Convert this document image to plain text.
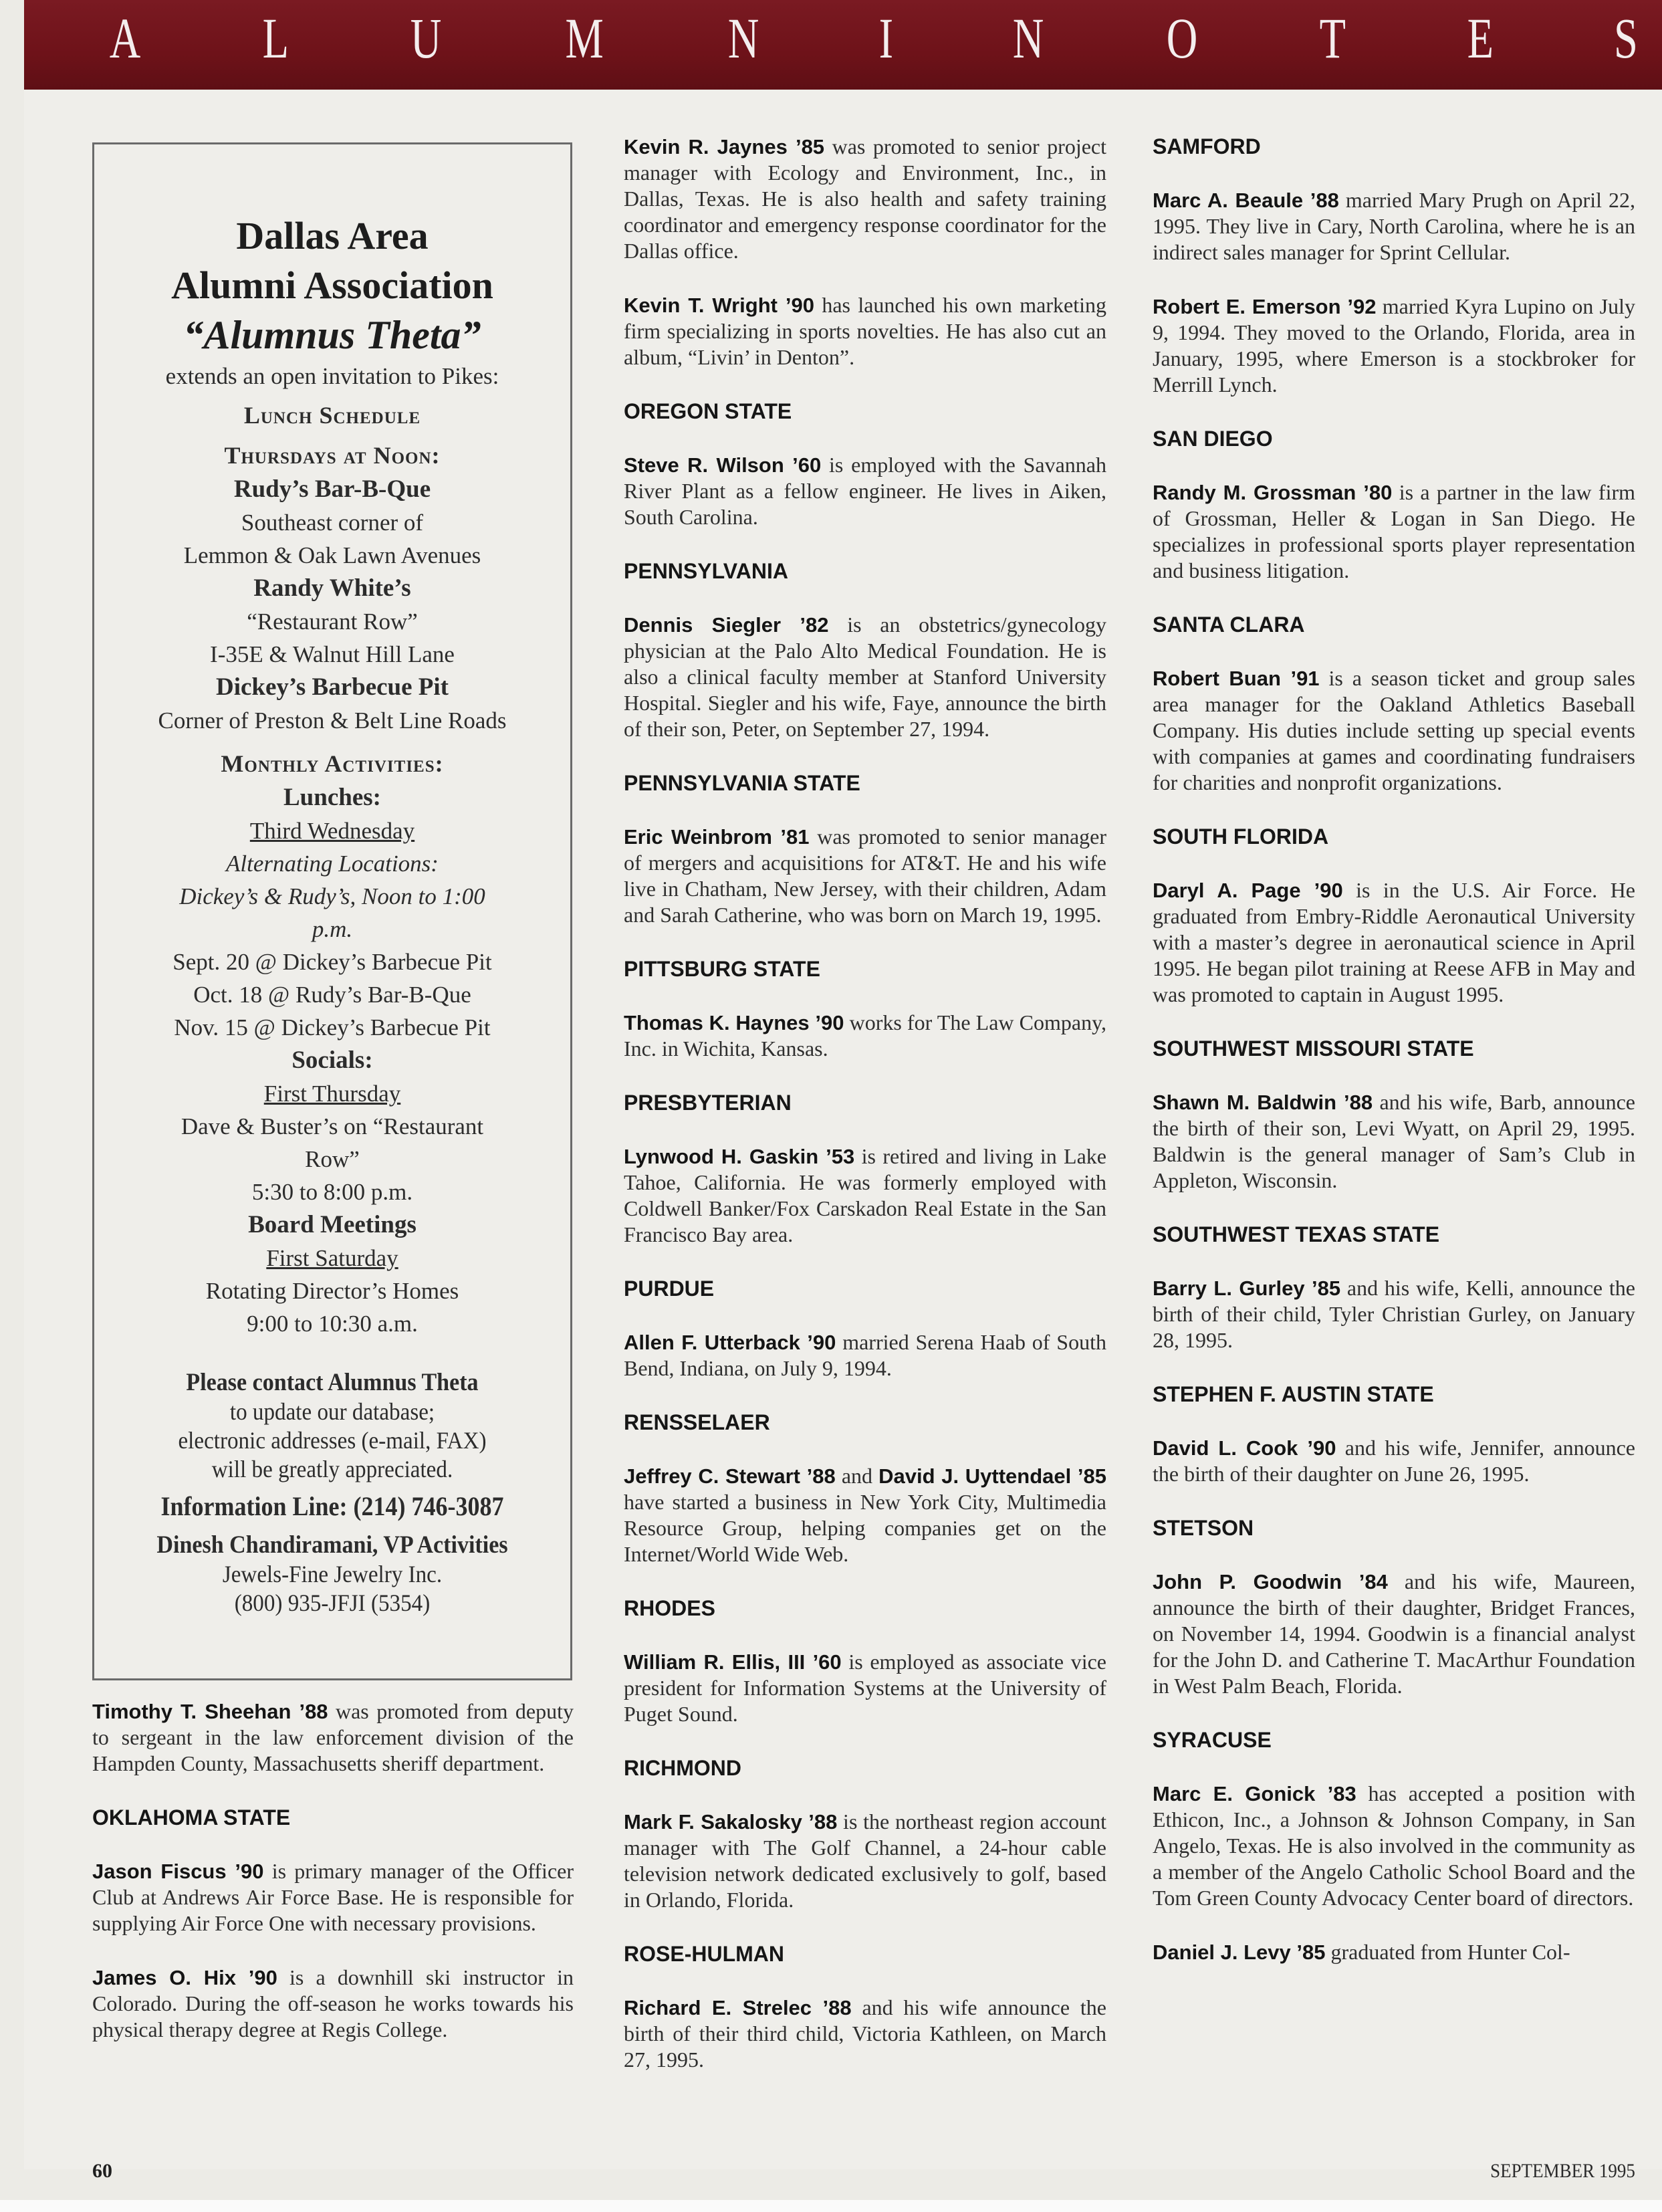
A L U M N I N O T E S
Dallas Area
Alumni Association
“Alumnus Theta”
extends an open invitation to Pikes:
Lunch Schedule
Thursdays at Noon:
Rudy’s Bar-B-Que
Southeast corner of
Lemmon & Oak Lawn Avenues
Randy White’s
“Restaurant Row”
I-35E & Walnut Hill Lane
Dickey’s Barbecue Pit
Corner of Preston & Belt Line Roads
Monthly Activities:
Lunches:
Third Wednesday
Alternating Locations:
Dickey’s & Rudy’s, Noon to 1:00
p.m.
Sept. 20 @ Dickey’s Barbecue Pit
Oct. 18 @ Rudy’s Bar-B-Que
Nov. 15 @ Dickey’s Barbecue Pit
Socials:
First Thursday
Dave & Buster’s on “Restaurant
Row”
5:30 to 8:00 p.m.
Board Meetings
First Saturday
Rotating Director’s Homes
9:00 to 10:30 a.m.
Please contact Alumnus Theta
to update our database;
electronic addresses (e-mail, FAX)
will be greatly appreciated.
Information Line: (214) 746-3087
Dinesh Chandiramani, VP Activities
Jewels-Fine Jewelry Inc.
(800) 935-JFJI (5354)

Timothy T. Sheehan ’88 was promoted from deputy to sergeant in the law enforcement division of the Hampden County, Massachusetts sheriff department.

OKLAHOMA STATE

Jason Fiscus ’90 is primary manager of the Officer Club at Andrews Air Force Base. He is responsible for supplying Air Force One with necessary provisions.

James O. Hix ’90 is a downhill ski instructor in Colorado. During the off-season he works towards his physical therapy degree at Regis College.

Kevin R. Jaynes ’85 was promoted to senior project manager with Ecology and Environment, Inc., in Dallas, Texas. He is also health and safety training coordinator and emergency response coordinator for the Dallas office.

Kevin T. Wright ’90 has launched his own marketing firm specializing in sports novelties. He has also cut an album, “Livin’ in Denton”.

OREGON STATE

Steve R. Wilson ’60 is employed with the Savannah River Plant as a fellow engineer. He lives in Aiken, South Carolina.

PENNSYLVANIA

Dennis Siegler ’82 is an obstetrics/gynecology physician at the Palo Alto Medical Foundation. He is also a clinical faculty member at Stanford University Hospital. Siegler and his wife, Faye, announce the birth of their son, Peter, on September 27, 1994.

PENNSYLVANIA STATE

Eric Weinbrom ’81 was promoted to senior manager of mergers and acquisitions for AT&T. He and his wife live in Chatham, New Jersey, with their children, Adam and Sarah Catherine, who was born on March 19, 1995.

PITTSBURG STATE

Thomas K. Haynes ’90 works for The Law Company, Inc. in Wichita, Kansas.

PRESBYTERIAN

Lynwood H. Gaskin ’53 is retired and living in Lake Tahoe, California. He was formerly employed with Coldwell Banker/Fox Carskadon Real Estate in the San Francisco Bay area.

PURDUE

Allen F. Utterback ’90 married Serena Haab of South Bend, Indiana, on July 9, 1994.

RENSSELAER

Jeffrey C. Stewart ’88 and David J. Uyttendael ’85 have started a business in New York City, Multimedia Resource Group, helping companies get on the Internet/World Wide Web.

RHODES

William R. Ellis, III ’60 is employed as associate vice president for Information Systems at the University of Puget Sound.

RICHMOND

Mark F. Sakalosky ’88 is the northeast region account manager with The Golf Channel, a 24-hour cable television network dedicated exclusively to golf, based in Orlando, Florida.

ROSE-HULMAN

Richard E. Strelec ’88 and his wife announce the birth of their third child, Victoria Kathleen, on March 27, 1995.

SAMFORD

Marc A. Beaule ’88 married Mary Prugh on April 22, 1995. They live in Cary, North Carolina, where he is an indirect sales manager for Sprint Cellular.

Robert E. Emerson ’92 married Kyra Lupino on July 9, 1994. They moved to the Orlando, Florida, area in January, 1995, where Emerson is a stockbroker for Merrill Lynch.

SAN DIEGO

Randy M. Grossman ’80 is a partner in the law firm of Grossman, Heller & Logan in San Diego. He specializes in professional sports player representation and business litigation.

SANTA CLARA

Robert Buan ’91 is a season ticket and group sales area manager for the Oakland Athletics Baseball Company. His duties include setting up special events with companies at games and coordinating fundraisers for charities and nonprofit organizations.

SOUTH FLORIDA

Daryl A. Page ’90 is in the U.S. Air Force. He graduated from Embry-Riddle Aeronautical University with a master’s degree in aeronautical science in April 1995. He began pilot training at Reese AFB in May and was promoted to captain in August 1995.

SOUTHWEST MISSOURI STATE

Shawn M. Baldwin ’88 and his wife, Barb, announce the birth of their son, Levi Wyatt, on April 29, 1995. Baldwin is the general manager of Sam’s Club in Appleton, Wisconsin.

SOUTHWEST TEXAS STATE

Barry L. Gurley ’85 and his wife, Kelli, announce the birth of their child, Tyler Christian Gurley, on January 28, 1995.

STEPHEN F. AUSTIN STATE

David L. Cook ’90 and his wife, Jennifer, announce the birth of their daughter on June 26, 1995.

STETSON

John P. Goodwin ’84 and his wife, Maureen, announce the birth of their daughter, Bridget Frances, on November 14, 1994. Goodwin is a financial analyst for the John D. and Catherine T. MacArthur Foundation in West Palm Beach, Florida.

SYRACUSE

Marc E. Gonick ’83 has accepted a position with Ethicon, Inc., a Johnson & Johnson Company, in San Angelo, Texas. He is also involved in the community as a member of the Angelo Catholic School Board and the Tom Green County Advocacy Center board of directors.

Daniel J. Levy ’85 graduated from Hunter Col-

60	SEPTEMBER 1995
